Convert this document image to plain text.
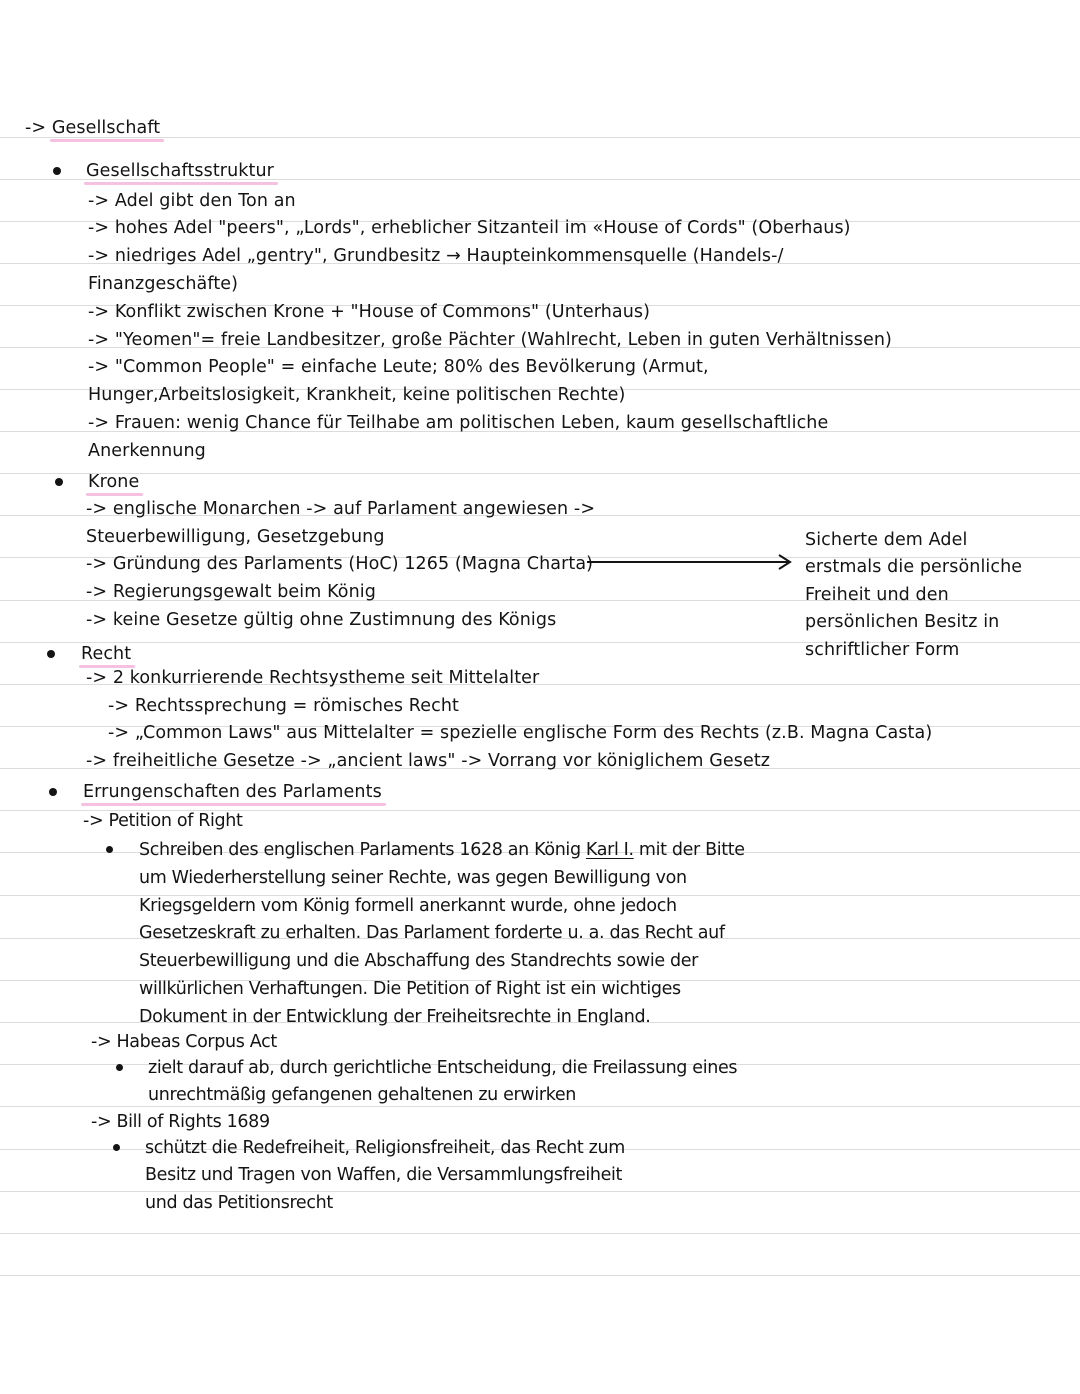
-> Gesellschaft
Gesellschaftsstruktur
-> Adel gibt den Ton an
-> hohes Adel "peers", „Lords", erheblicher Sitzanteil im «House of Cords" (Oberhaus)
-> niedriges Adel „gentry", Grundbesitz → Haupteinkommensquelle (Handels-/
Finanzgeschäfte)
-> Konflikt zwischen Krone + "House of Commons" (Unterhaus)
-> "Yeomen"= freie Landbesitzer, große Pächter (Wahlrecht, Leben in guten Verhältnissen)
-> "Common People" = einfache Leute; 80% des Bevölkerung (Armut,
Hunger,Arbeitslosigkeit, Krankheit, keine politischen Rechte)
-> Frauen: wenig Chance für Teilhabe am politischen Leben, kaum gesellschaftliche
Anerkennung
Krone
-> englische Monarchen -> auf Parlament angewiesen ->
Steuerbewilligung, Gesetzgebung
-> Gründung des Parlaments (HoC) 1265 (Magna Charta)
-> Regierungsgewalt beim König
-> keine Gesetze gültig ohne Zustimnung des Königs
Sicherte dem Adel
erstmals die persönliche
Freiheit und den
persönlichen Besitz in
schriftlicher Form
Recht
-> 2 konkurrierende Rechtsystheme seit Mittelalter
-> Rechtssprechung = römisches Recht
-> „Common Laws" aus Mittelalter = spezielle englische Form des Rechts (z.B. Magna Casta)
-> freiheitliche Gesetze -> „ancient laws" -> Vorrang vor königlichem Gesetz
Errungenschaften des Parlaments
-> Petition of Right
Schreiben des englischen Parlaments 1628 an König Karl I. mit der Bitte
um Wiederherstellung seiner Rechte, was gegen Bewilligung von
Kriegsgeldern vom König formell anerkannt wurde, ohne jedoch
Gesetzeskraft zu erhalten. Das Parlament forderte u. a. das Recht auf
Steuerbewilligung und die Abschaffung des Standrechts sowie der
willkürlichen Verhaftungen. Die Petition of Right ist ein wichtiges
Dokument in der Entwicklung der Freiheitsrechte in England.
-> Habeas Corpus Act
zielt darauf ab, durch gerichtliche Entscheidung, die Freilassung eines
unrechtmäßig gefangenen gehaltenen zu erwirken
-> Bill of Rights 1689
schützt die Redefreiheit, Religionsfreiheit, das Recht zum
Besitz und Tragen von Waffen, die Versammlungsfreiheit
und das Petitionsrecht
